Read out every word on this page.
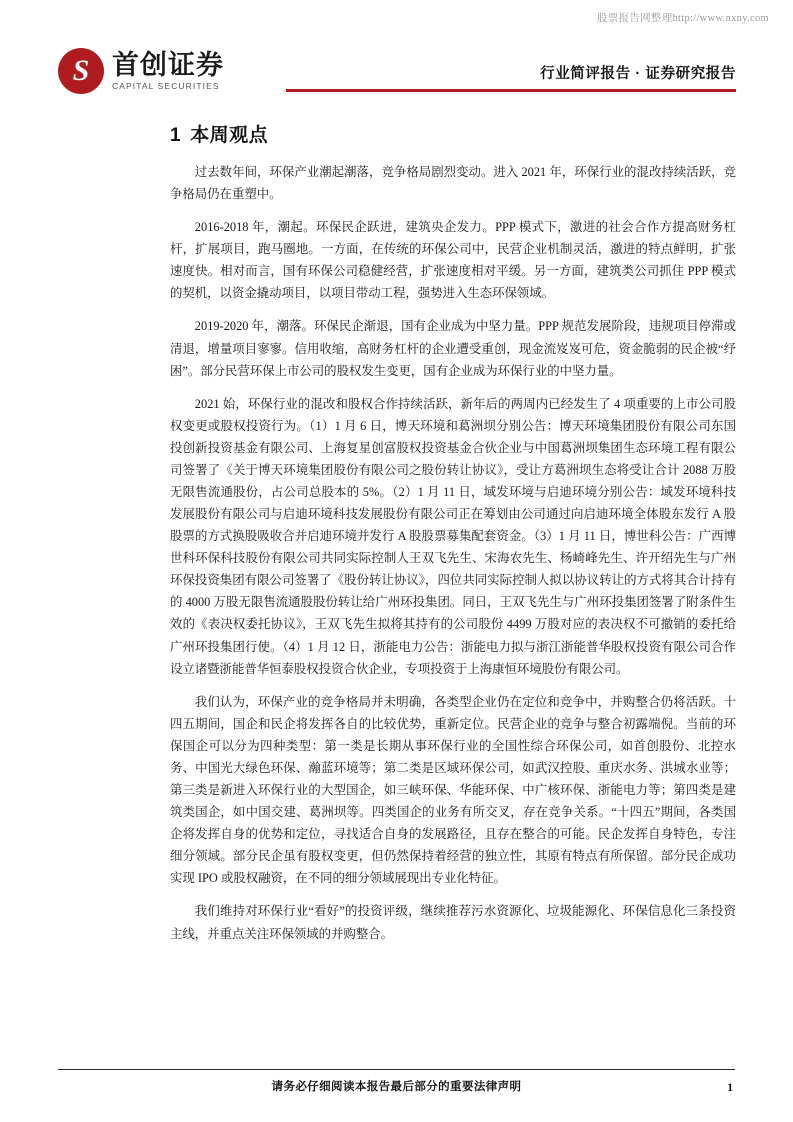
股票报告网整理http://www.nxny.com
S
首创证券
CAPITAL SECURITIES
行业简评报告 · 证券研究报告
1 本周观点

过去数年间，环保产业潮起潮落，竞争格局剧烈变动。进入 2021 年，环保行业的混改持续活跃，竞争格局仍在重塑中。

2016-2018 年，潮起。环保民企跃进，建筑央企发力。PPP 模式下，激进的社会合作方提高财务杠杆，扩展项目，跑马圈地。一方面，在传统的环保公司中，民营企业机制灵活，激进的特点鲜明，扩张速度快。相对而言，国有环保公司稳健经营，扩张速度相对平缓。另一方面，建筑类公司抓住 PPP 模式的契机，以资金撬动项目，以项目带动工程，强势进入生态环保领域。

2019-2020 年，潮落。环保民企渐退，国有企业成为中坚力量。PPP 规范发展阶段，违规项目停滞或清退，增量项目寥寥。信用收缩，高财务杠杆的企业遭受重创，现金流岌岌可危，资金脆弱的民企被“纾困”。部分民营环保上市公司的股权发生变更，国有企业成为环保行业的中坚力量。

2021 始，环保行业的混改和股权合作持续活跃，新年后的两周内已经发生了 4 项重要的上市公司股权变更或股权投资行为。（1）1 月 6 日，博天环境和葛洲坝分别公告：博天环境集团股份有限公司东国投创新投资基金有限公司、上海复星创富股权投资基金合伙企业与中国葛洲坝集团生态环境工程有限公司签署了《关于博天环境集团股份有限公司之股份转让协议》，受让方葛洲坝生态将受让合计 2088 万股无限售流通股份，占公司总股本的 5%。（2）1 月 11 日，域发环境与启迪环境分别公告：域发环境科技发展股份有限公司与启迪环境科技发展股份有限公司正在筹划由公司通过向启迪环境全体股东发行 A 股股票的方式换股吸收合并启迪环境并发行 A 股股票募集配套资金。（3）1 月 11 日，博世科公告：广西博世科环保科技股份有限公司共同实际控制人王双飞先生、宋海农先生、杨崎峰先生、许开绍先生与广州环保投资集团有限公司签署了《股份转让协议》，四位共同实际控制人拟以协议转让的方式将其合计持有的 4000 万股无限售流通股股份转让给广州环投集团。同日，王双飞先生与广州环投集团签署了附条件生效的《表决权委托协议》，王双飞先生拟将其持有的公司股份 4499 万股对应的表决权不可撤销的委托给广州环投集团行使。（4）1 月 12 日，浙能电力公告：浙能电力拟与浙江浙能普华股权投资有限公司合作设立诸暨浙能普华恒泰股权投资合伙企业，专项投资于上海康恒环境股份有限公司。

我们认为，环保产业的竞争格局并未明确，各类型企业仍在定位和竞争中，并购整合仍将活跃。十四五期间，国企和民企将发挥各自的比较优势，重新定位。民营企业的竞争与整合初露端倪。当前的环保国企可以分为四种类型：第一类是长期从事环保行业的全国性综合环保公司，如首创股份、北控水务、中国光大绿色环保、瀚蓝环境等；第二类是区域环保公司，如武汉控股、重庆水务、洪城水业等；第三类是新进入环保行业的大型国企，如三峡环保、华能环保、中广核环保、浙能电力等；第四类是建筑类国企，如中国交建、葛洲坝等。四类国企的业务有所交叉，存在竞争关系。“十四五”期间，各类国企将发挥自身的优势和定位，寻找适合自身的发展路径，且存在整合的可能。民企发挥自身特色，专注细分领域。部分民企虽有股权变更，但仍然保持着经营的独立性，其原有特点有所保留。部分民企成功实现 IPO 或股权融资，在不同的细分领域展现出专业化特征。

我们维持对环保行业“看好”的投资评级，继续推荐污水资源化、垃圾能源化、环保信息化三条投资主线，并重点关注环保领域的并购整合。

请务必仔细阅读本报告最后部分的重要法律声明	1
